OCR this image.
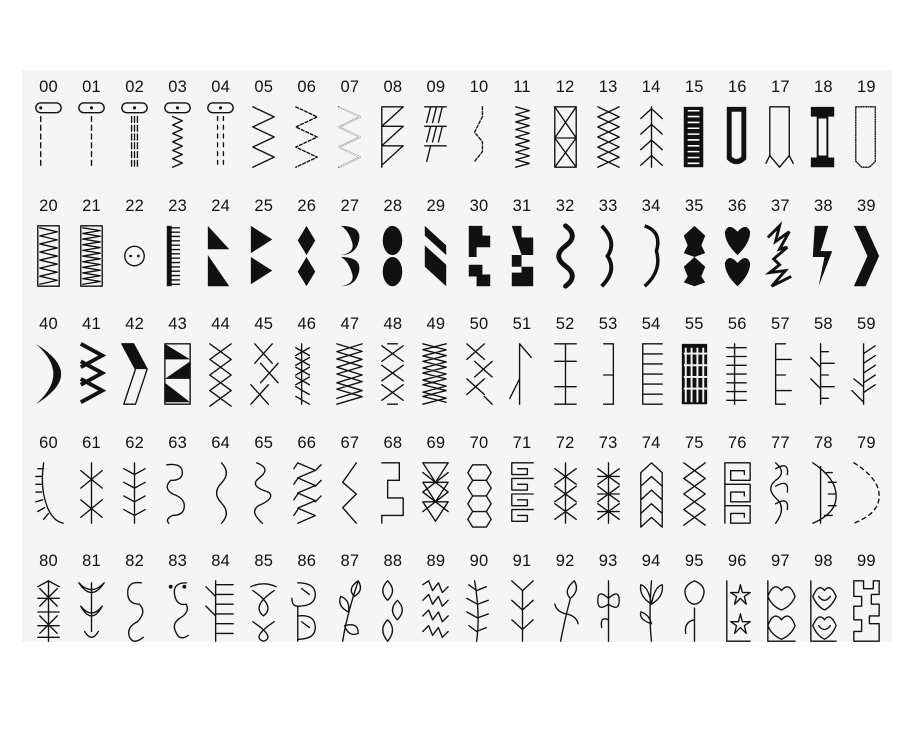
00	01	02	03	04	05	06	07	08	09	10	11	12	13	14	15	16	17	18	19
20	21	22	23	24	25	26	27	28	29	30	31	32	33	34	35	36	37	38	39
40	41	42	43	44	45	46	47	48	49	50	51	52	53	54	55	56	57	58	59
60	61	62	63	64	65	66	67	68	69	70	71	72	73	74	75	76	77	78	79
80	81	82	83	84	85	86	87	88	89	90	91	92	93	94	95	96	97	98	99
